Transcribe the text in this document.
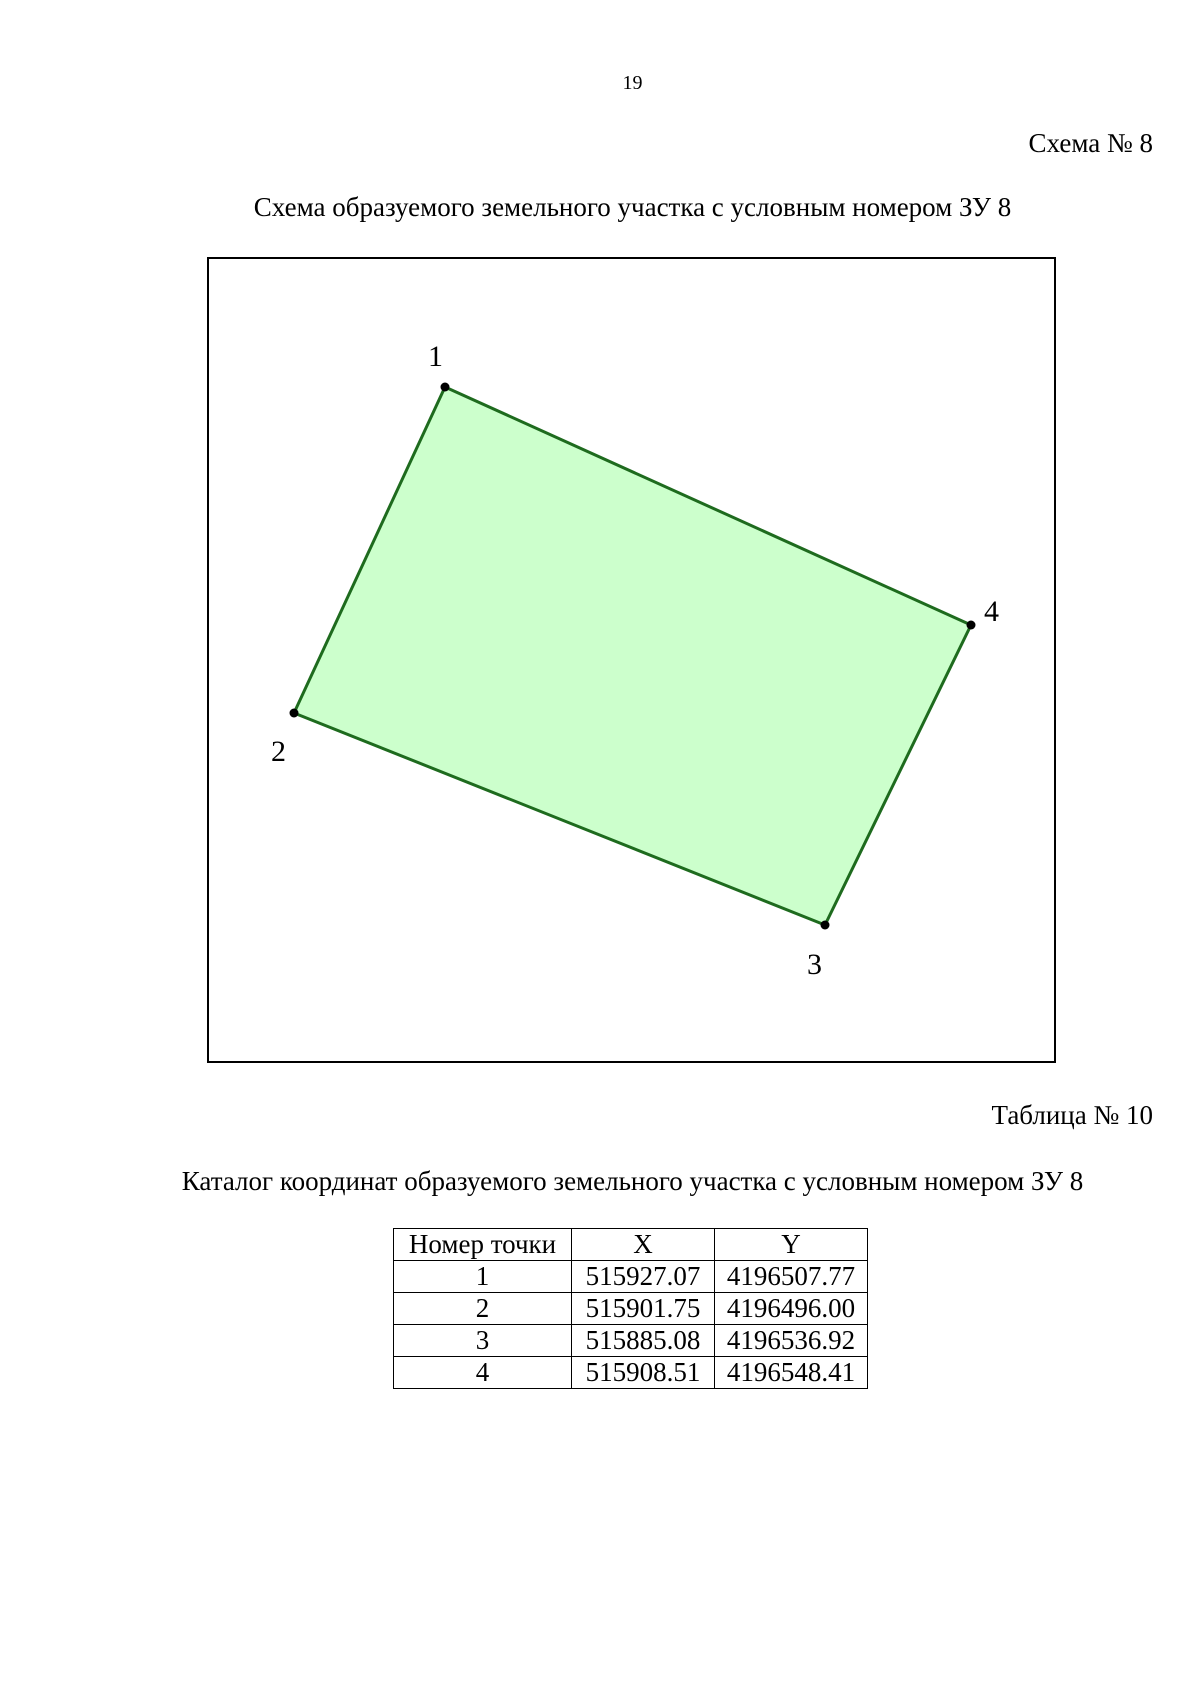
19
Схема № 8
Схема образуемого земельного участка с условным номером ЗУ 8
1
2
3
4
Таблица № 10
Каталог координат образуемого земельного участка с условным номером ЗУ 8
Номер точки	X	Y
1	515927.07	4196507.77
2	515901.75	4196496.00
3	515885.08	4196536.92
4	515908.51	4196548.41
